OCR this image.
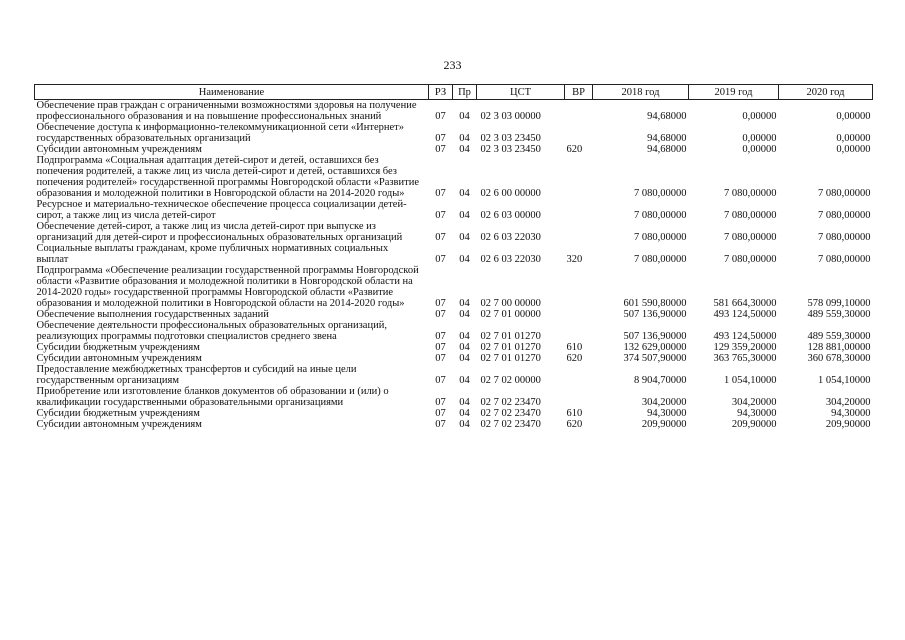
233
Наименование	РЗ	Пр	ЦСТ	ВР	2018 год	2019 год	2020 год
Обеспечение прав граждан с ограниченными возможностями здоровья на получение профессионального образования и на повышение профессиональных знаний	07	04	02 3 03 00000		94,68000	0,00000	0,00000
Обеспечение доступа к информационно-телекоммуникационной сети «Интернет» государственных образовательных организаций	07	04	02 3 03 23450		94,68000	0,00000	0,00000
Субсидии автономным учреждениям	07	04	02 3 03 23450	620	94,68000	0,00000	0,00000
Подпрограмма «Социальная адаптация детей-сирот и детей, оставшихся без попечения родителей, а также лиц из числа детей-сирот и детей, оставшихся без попечения родителей» государственной программы Новгородской области «Развитие образования и молодежной политики в Новгородской области на 2014-2020 годы»	07	04	02 6 00 00000		7 080,00000	7 080,00000	7 080,00000
Ресурсное и материально-техническое обеспечение процесса социализации детей-сирот, а также лиц из числа детей-сирот	07	04	02 6 03 00000		7 080,00000	7 080,00000	7 080,00000
Обеспечение детей-сирот, а также лиц из числа детей-сирот при выпуске из организаций для детей-сирот и профессиональных образовательных организаций	07	04	02 6 03 22030		7 080,00000	7 080,00000	7 080,00000
Социальные выплаты гражданам, кроме публичных нормативных социальных выплат	07	04	02 6 03 22030	320	7 080,00000	7 080,00000	7 080,00000
Подпрограмма «Обеспечение реализации государственной программы Новгородской области «Развитие образования и молодежной политики в Новгородской области на 2014-2020 годы» государственной программы Новгородской области «Развитие образования и молодежной политики в Новгородской области на 2014-2020 годы»	07	04	02 7 00 00000		601 590,80000	581 664,30000	578 099,10000
Обеспечение выполнения государственных заданий	07	04	02 7 01 00000		507 136,90000	493 124,50000	489 559,30000
Обеспечение деятельности профессиональных образовательных организаций, реализующих программы подготовки специалистов среднего звена	07	04	02 7 01 01270		507 136,90000	493 124,50000	489 559,30000
Субсидии бюджетным учреждениям	07	04	02 7 01 01270	610	132 629,00000	129 359,20000	128 881,00000
Субсидии автономным учреждениям	07	04	02 7 01 01270	620	374 507,90000	363 765,30000	360 678,30000
Предоставление межбюджетных трансфертов и субсидий на иные цели государственным организациям	07	04	02 7 02 00000		8 904,70000	1 054,10000	1 054,10000
Приобретение или изготовление бланков документов об образовании и (или) о квалификации государственными образовательными организациями	07	04	02 7 02 23470		304,20000	304,20000	304,20000
Субсидии бюджетным учреждениям	07	04	02 7 02 23470	610	94,30000	94,30000	94,30000
Субсидии автономным учреждениям	07	04	02 7 02 23470	620	209,90000	209,90000	209,90000
